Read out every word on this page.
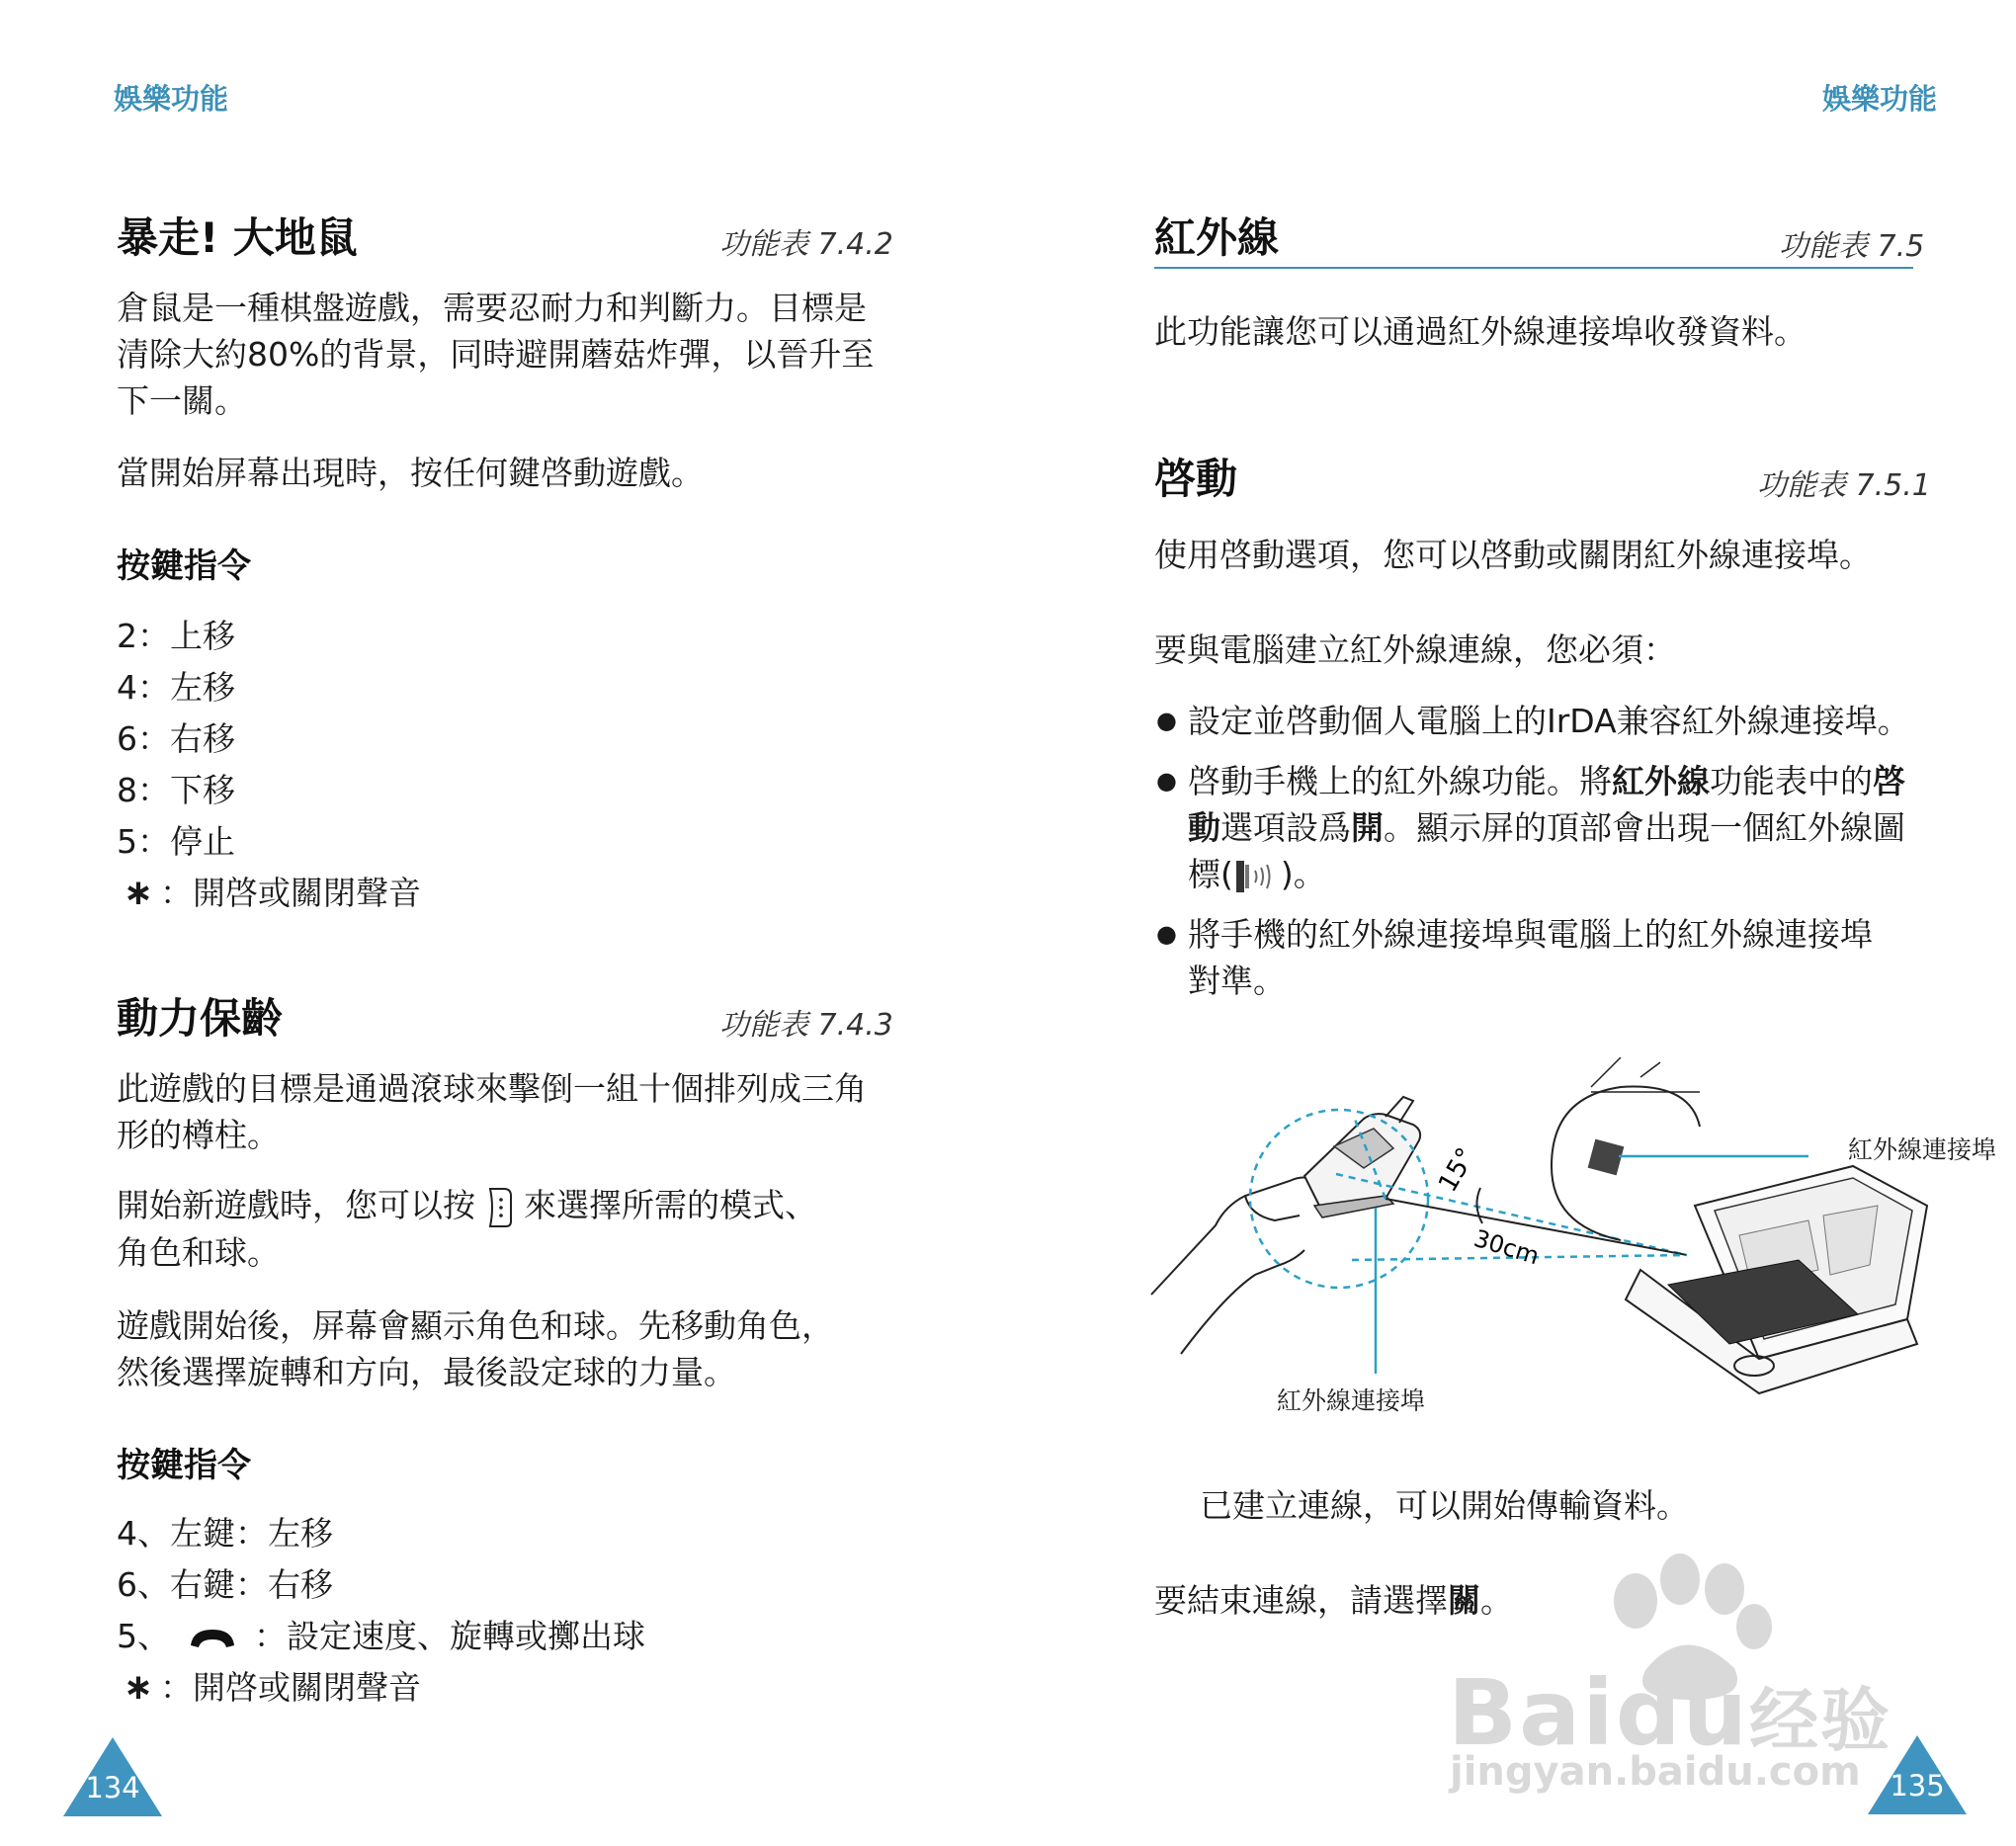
娛樂功能
暴走! 大地鼠	功能表 7.4.2
倉鼠是一種棋盤遊戲，需要忍耐力和判斷力。目標是
清除大約80%的背景，同時避開蘑菇炸彈，以晉升至
下一關。
當開始屏幕出現時，按任何鍵啓動遊戲。
按鍵指令
2：上移
4：左移
6：右移
8：下移
5：停止
∗ ：開啓或關閉聲音
動力保齡	功能表 7.4.3
此遊戲的目標是通過滾球來擊倒一組十個排列成三角
形的樽柱。
開始新遊戲時，您可以按 來選擇所需的模式、
角色和球。
遊戲開始後，屏幕會顯示角色和球。先移動角色，
然後選擇旋轉和方向，最後設定球的力量。
按鍵指令
4、左鍵：左移
6、右鍵：右移
5、	：設定速度、旋轉或擲出球
∗ ：開啓或關閉聲音
134
娛樂功能
紅外線	功能表 7.5
此功能讓您可以通過紅外線連接埠收發資料。
啓動	功能表 7.5.1
使用啓動選項，您可以啓動或關閉紅外線連接埠。
要與電腦建立紅外線連線，您必須：
● 設定並啓動個人電腦上的IrDA兼容紅外線連接埠。
● 啓動手機上的紅外線功能。將紅外線功能表中的啓
動選項設爲開。顯示屏的頂部會出現一個紅外線圖
標( )。
● 將手機的紅外線連接埠與電腦上的紅外線連接埠
對準。
15°
30cm
紅外線連接埠
紅外線連接埠
已建立連線，可以開始傳輸資料。
要結束連線，請選擇關。
135
Baidu经验
jingyan.baidu.com
